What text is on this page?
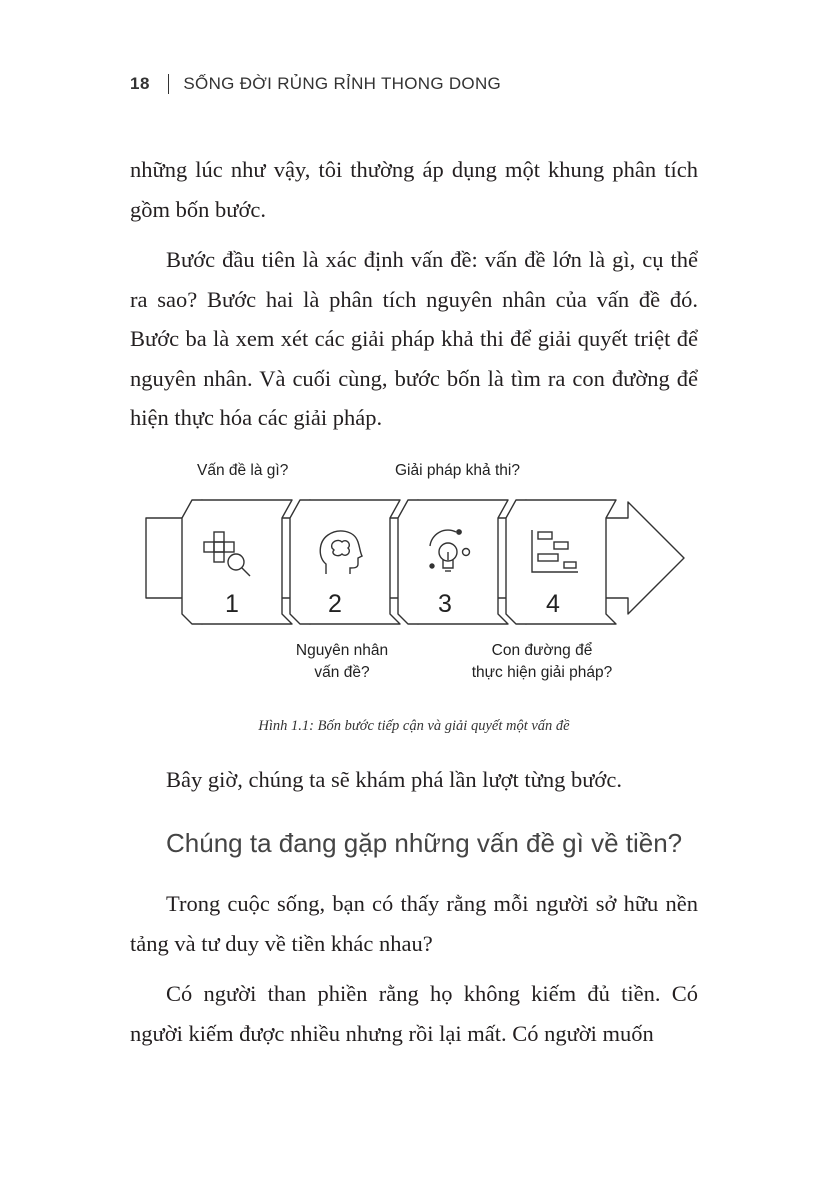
18 SỐNG ĐỜI RỦNG RỈNH THONG DONG

những lúc như vậy, tôi thường áp dụng một khung phân tích gồm bốn bước.

Bước đầu tiên là xác định vấn đề: vấn đề lớn là gì, cụ thể ra sao? Bước hai là phân tích nguyên nhân của vấn đề đó. Bước ba là xem xét các giải pháp khả thi để giải quyết triệt để nguyên nhân. Và cuối cùng, bước bốn là tìm ra con đường để hiện thực hóa các giải pháp.

1	2	3	4
Vấn đề là gì?	Giải pháp khả thi?
Nguyên nhân
vấn đề?
Con đường để
thực hiện giải pháp?
Hình 1.1: Bốn bước tiếp cận và giải quyết một vấn đề

Bây giờ, chúng ta sẽ khám phá lần lượt từng bước.

Chúng ta đang gặp những vấn đề gì về tiền?

Trong cuộc sống, bạn có thấy rằng mỗi người sở hữu nền tảng và tư duy về tiền khác nhau?

Có người than phiền rằng họ không kiếm đủ tiền. Có người kiếm được nhiều nhưng rồi lại mất. Có người muốn
